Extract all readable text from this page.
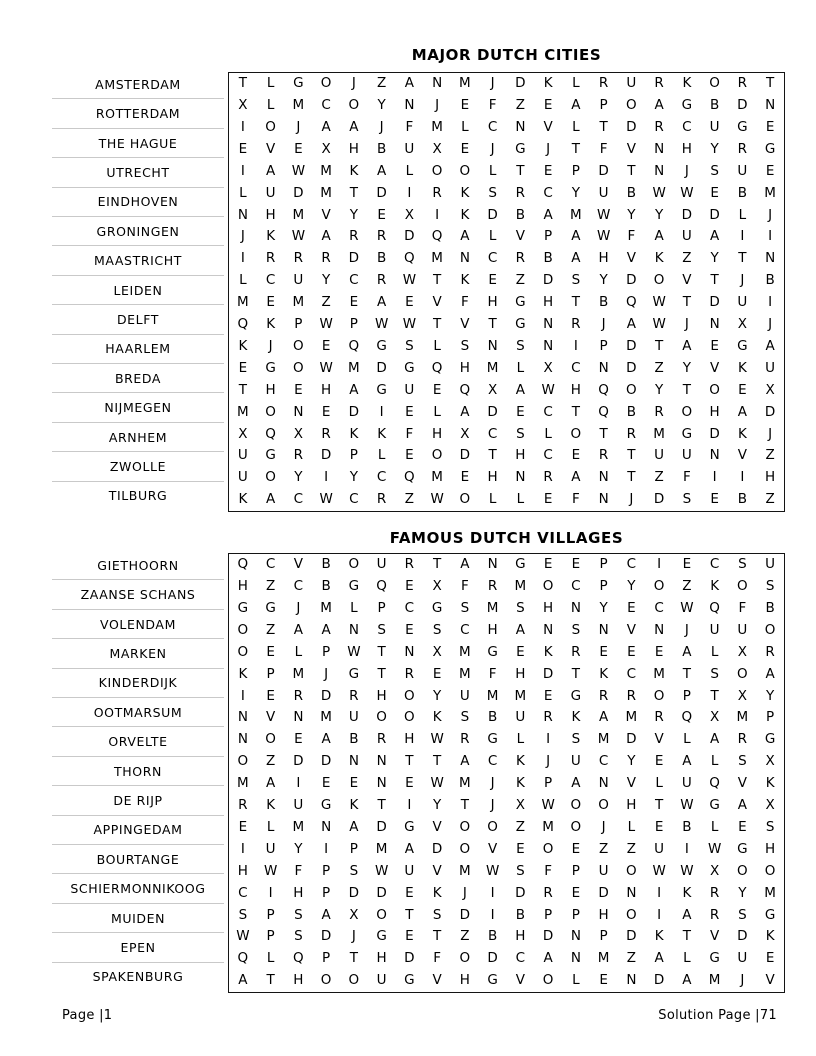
MAJOR DUTCH CITIES
AMSTERDAM
ROTTERDAM
THE HAGUE
UTRECHT
EINDHOVEN
GRONINGEN
MAASTRICHT
LEIDEN
DELFT
HAARLEM
BREDA
NIJMEGEN
ARNHEM
ZWOLLE
TILBURG
T	L	G	O	J	Z	A	N	M	J	D	K	L	R	U	R	K	O	R	T
X	L	M	C	O	Y	N	J	E	F	Z	E	A	P	O	A	G	B	D	N
I	O	J	A	A	J	F	M	L	C	N	V	L	T	D	R	C	U	G	E
E	V	E	X	H	B	U	X	E	J	G	J	T	F	V	N	H	Y	R	G
I	A	W	M	K	A	L	O	O	L	T	E	P	D	T	N	J	S	U	E
L	U	D	M	T	D	I	R	K	S	R	C	Y	U	B	W	W	E	B	M
N	H	M	V	Y	E	X	I	K	D	B	A	M	W	Y	Y	D	D	L	J
J	K	W	A	R	R	D	Q	A	L	V	P	A	W	F	A	U	A	I	I
I	R	R	R	D	B	Q	M	N	C	R	B	A	H	V	K	Z	Y	T	N
L	C	U	Y	C	R	W	T	K	E	Z	D	S	Y	D	O	V	T	J	B
M	E	M	Z	E	A	E	V	F	H	G	H	T	B	Q	W	T	D	U	I
Q	K	P	W	P	W	W	T	V	T	G	N	R	J	A	W	J	N	X	J
K	J	O	E	Q	G	S	L	S	N	S	N	I	P	D	T	A	E	G	A
E	G	O	W	M	D	G	Q	H	M	L	X	C	N	D	Z	Y	V	K	U
T	H	E	H	A	G	U	E	Q	X	A	W	H	Q	O	Y	T	O	E	X
M	O	N	E	D	I	E	L	A	D	E	C	T	Q	B	R	O	H	A	D
X	Q	X	R	K	K	F	H	X	C	S	L	O	T	R	M	G	D	K	J
U	G	R	D	P	L	E	O	D	T	H	C	E	R	T	U	U	N	V	Z
U	O	Y	I	Y	C	Q	M	E	H	N	R	A	N	T	Z	F	I	I	H
K	A	C	W	C	R	Z	W	O	L	L	E	F	N	J	D	S	E	B	Z
FAMOUS DUTCH VILLAGES
GIETHOORN
ZAANSE SCHANS
VOLENDAM
MARKEN
KINDERDIJK
OOTMARSUM
ORVELTE
THORN
DE RIJP
APPINGEDAM
BOURTANGE
SCHIERMONNIKOOG
MUIDEN
EPEN
SPAKENBURG
Q	C	V	B	O	U	R	T	A	N	G	E	E	P	C	I	E	C	S	U
H	Z	C	B	G	Q	E	X	F	R	M	O	C	P	Y	O	Z	K	O	S
G	G	J	M	L	P	C	G	S	M	S	H	N	Y	E	C	W	Q	F	B
O	Z	A	A	N	S	E	S	C	H	A	N	S	N	V	N	J	U	U	O
O	E	L	P	W	T	N	X	M	G	E	K	R	E	E	E	A	L	X	R
K	P	M	J	G	T	R	E	M	F	H	D	T	K	C	M	T	S	O	A
I	E	R	D	R	H	O	Y	U	M	M	E	G	R	R	O	P	T	X	Y
N	V	N	M	U	O	O	K	S	B	U	R	K	A	M	R	Q	X	M	P
N	O	E	A	B	R	H	W	R	G	L	I	S	M	D	V	L	A	R	G
O	Z	D	D	N	N	T	T	A	C	K	J	U	C	Y	E	A	L	S	X
M	A	I	E	E	N	E	W	M	J	K	P	A	N	V	L	U	Q	V	K
R	K	U	G	K	T	I	Y	T	J	X	W	O	O	H	T	W	G	A	X
E	L	M	N	A	D	G	V	O	O	Z	M	O	J	L	E	B	L	E	S
I	U	Y	I	P	M	A	D	O	V	E	O	E	Z	Z	U	I	W	G	H
H	W	F	P	S	W	U	V	M	W	S	F	P	U	O	W	W	X	O	O
C	I	H	P	D	D	E	K	J	I	D	R	E	D	N	I	K	R	Y	M
S	P	S	A	X	O	T	S	D	I	B	P	P	H	O	I	A	R	S	G
W	P	S	D	J	G	E	T	Z	B	H	D	N	P	D	K	T	V	D	K
Q	L	Q	P	T	H	D	F	O	D	C	A	N	M	Z	A	L	G	U	E
A	T	H	O	O	U	G	V	H	G	V	O	L	E	N	D	A	M	J	V
Page |1	Solution Page |71
